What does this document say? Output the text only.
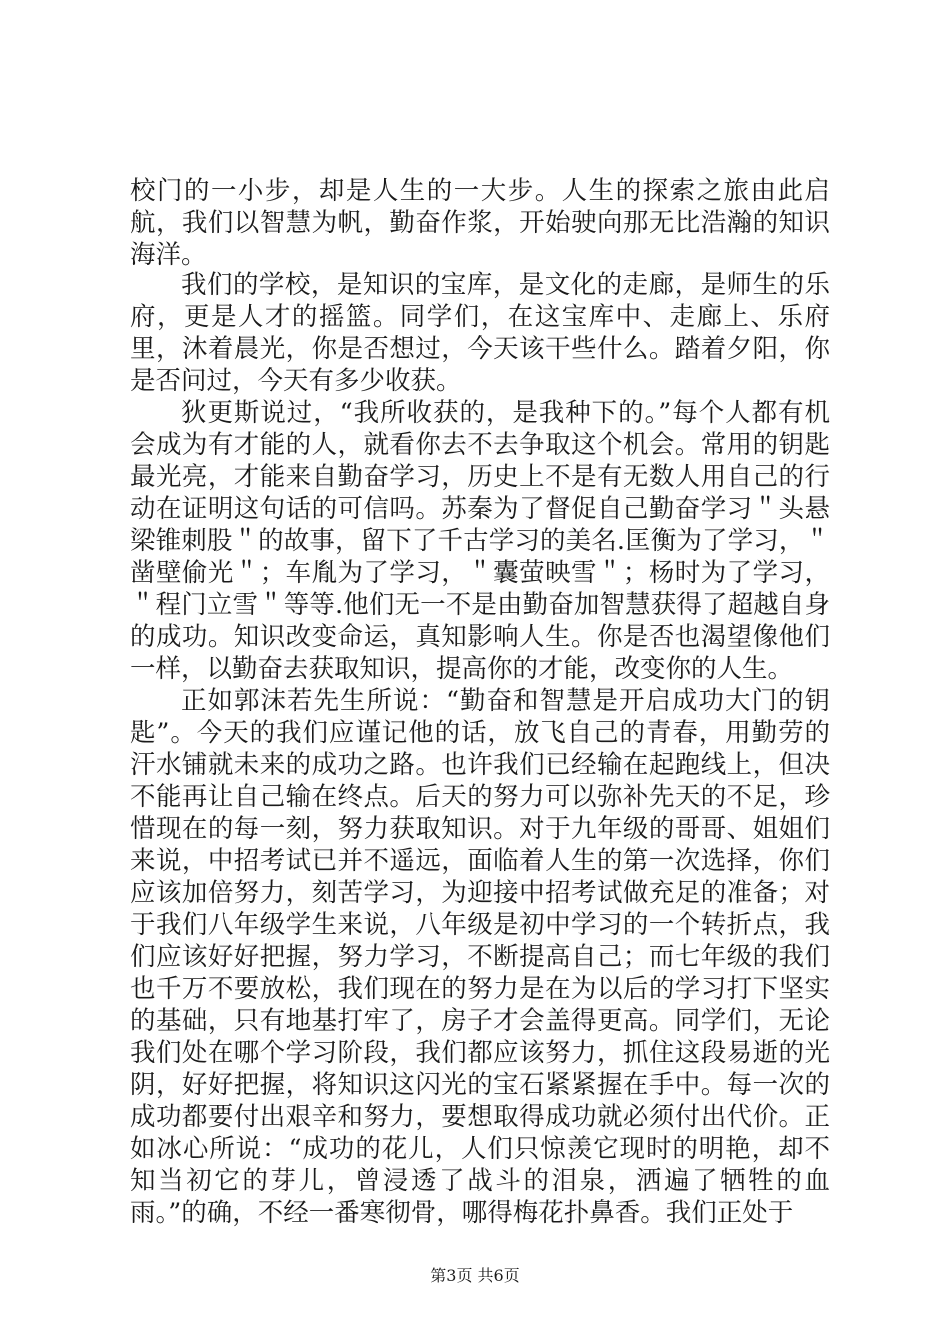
校门的一小步，却是人生的一大步。人生的探索之旅由此启航，我们以智慧为帆，勤奋作浆，开始驶向那无比浩瀚的知识海洋。

我们的学校，是知识的宝库，是文化的走廊，是师生的乐府，更是人才的摇篮。同学们，在这宝库中、走廊上、乐府里，沐着晨光，你是否想过，今天该干些什么。踏着夕阳，你是否问过，今天有多少收获。

狄更斯说过，“我所收获的，是我种下的。”每个人都有机会成为有才能的人，就看你去不去争取这个机会。常用的钥匙最光亮，才能来自勤奋学习，历史上不是有无数人用自己的行动在证明这句话的可信吗。苏秦为了督促自己勤奋学习＂头悬梁锥刺股＂的故事，留下了千古学习的美名.匡衡为了学习，＂凿壁偷光＂；车胤为了学习，＂囊萤映雪＂；杨时为了学习，＂程门立雪＂等等.他们无一不是由勤奋加智慧获得了超越自身的成功。知识改变命运，真知影响人生。你是否也渴望像他们一样，以勤奋去获取知识，提高你的才能，改变你的人生。

正如郭沫若先生所说：“勤奋和智慧是开启成功大门的钥匙”。今天的我们应谨记他的话，放飞自己的青春，用勤劳的汗水铺就未来的成功之路。也许我们已经输在起跑线上，但决不能再让自己输在终点。后天的努力可以弥补先天的不足，珍惜现在的每一刻，努力获取知识。对于九年级的哥哥、姐姐们来说，中招考试已并不遥远，面临着人生的第一次选择，你们应该加倍努力，刻苦学习，为迎接中招考试做充足的准备；对于我们八年级学生来说，八年级是初中学习的一个转折点，我们应该好好把握，努力学习，不断提高自己；而七年级的我们也千万不要放松，我们现在的努力是在为以后的学习打下坚实的基础，只有地基打牢了，房子才会盖得更高。同学们，无论我们处在哪个学习阶段，我们都应该努力，抓住这段易逝的光阴，好好把握，将知识这闪光的宝石紧紧握在手中。每一次的成功都要付出艰辛和努力，要想取得成功就必须付出代价。正如冰心所说：“成功的花儿，人们只惊羡它现时的明艳，却不知当初它的芽儿，曾浸透了战斗的泪泉，洒遍了牺牲的血雨。”的确，不经一番寒彻骨，哪得梅花扑鼻香。我们正处于

第3页 共6页
